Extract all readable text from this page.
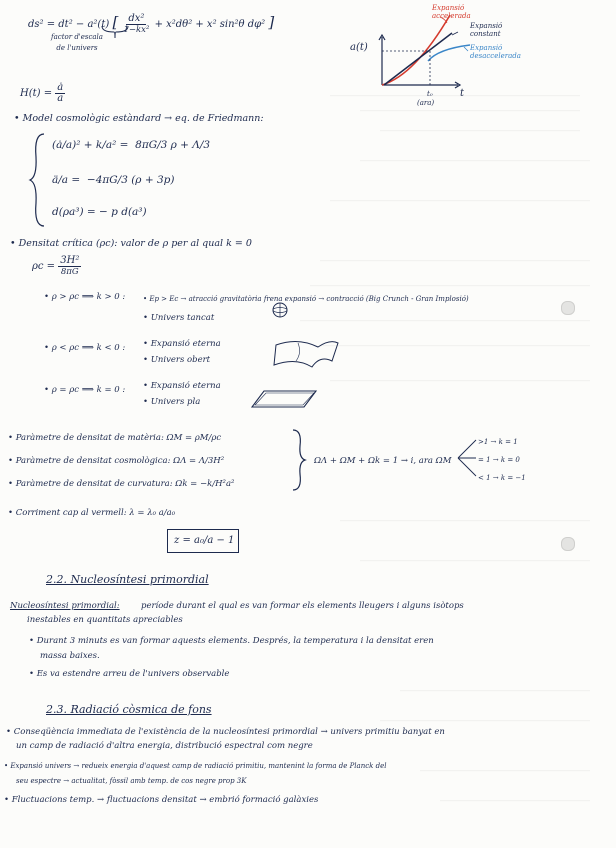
ds² = dt² − a²(t) [ $\frac{\text{dx²}}{\text{1−kx²}} + x^2d\theta^2 + x^2$ sin²θ dφ² ]
factor d'escala de l'univers
$H(t) = \frac{ȧ}{a}$
a(t)
t
t₀
(ara)
Expansió accelerada
Expansió constant
Expansió desaccelerada
• Model cosmològic estàndard → eq. de Friedmann:
(ȧ/a)² + k/a² = 8πG/3 ρ + Λ/3
ä/a = −4πG/3 (ρ + 3p)
d(ρa³) = − p d(a³)
• Densitat crítica (ρc): valor de ρ per al qual k = 0
$\rho c = \frac{\text{3H²}}{8\pi G}$
• ρ > ρc ⟹ k > 0 :	• Ep > Ec → atracció gravitatòria frena expansió → contracció (Big Crunch - Gran Implosió)
• Univers tancat
• ρ < ρc ⟹ k < 0 : • Expansió eterna
• Univers obert
• ρ = ρc ⟹ k = 0 : • Expansió eterna
• Univers pla
• Paràmetre de densitat de matèria: ΩM = ρM/ρc
• Paràmetre de densitat cosmològica: ΩΛ = Λ/3H²
• Paràmetre de densitat de curvatura: Ωk = −k/H²a²
ΩΛ + ΩM + Ωk = 1 → i, ara ΩM
>1 → k = 1
= 1 → k = 0
< 1 → k = −1
• Corriment cap al vermell: λ = λ₀ a/a₀
z = a₀/a − 1
2.2. Nucleosíntesi primordial
Nucleosíntesi primordial:	període durant el qual es van formar els elements lleugers i alguns isòtops
inestables en quantitats apreciables
• Durant 3 minuts es van formar aquests elements. Després, la temperatura i la densitat eren
massa baixes.
• Es va estendre arreu de l'univers observable
2.3. Radiació còsmica de fons
• Conseqüència immediata de l'existència de la nucleosíntesi primordial → univers primitiu banyat en
un camp de radiació d'altra energia, distribució espectral com negre
• Expansió univers → redueix energia d'aquest camp de radiació primitiu, mantenint la forma de Planck del
seu espectre → actualitat, fòssil amb temp. de cos negre prop 3K
• Fluctuacions temp. → fluctuacions densitat → embrió formació galàxies
